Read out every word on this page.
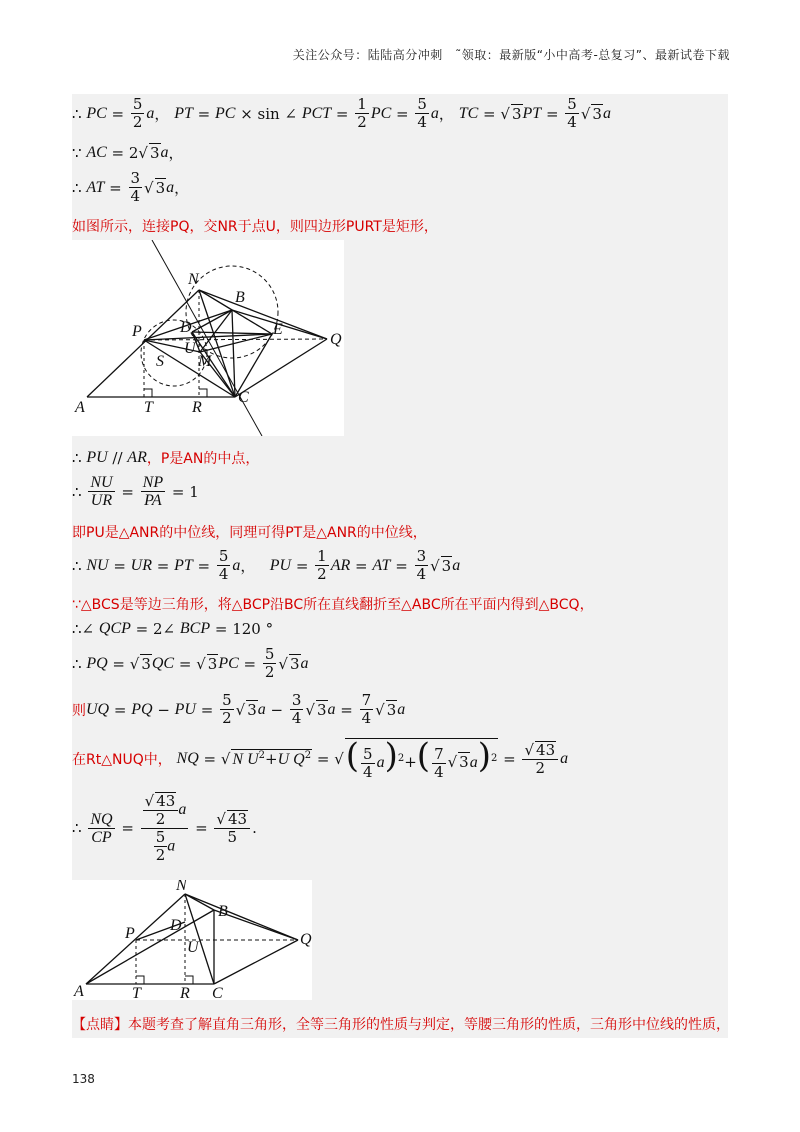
关注公众号：陆陆高分冲刺　˜领取：最新版“小中高考-总复习”、最新试卷下载
∴ PC = $\frac{5}{2}$ a ， PT = PC × sin ∠ PCT = $\frac{1}{2}$ PC = $\frac{5}{4}$ a ， TC = √ 3 PT = $\frac{5}{4}$ √ 3 a
∵ AC = 2√ 3 a ，
∴ AT = $\frac{3}{4}$ √ 3 a ，
如图所示，连接PQ，交NR于点U，则四边形PURT是矩形，
N
B
P D	E
Q
U
S M
A	T R
C
∴ PU // AR ，P是AN的中点，
∴ $\frac{NU}{UR} = \frac{NP}{PA} = 1$
即PU是△ANR的中位线，同理可得PT是△ANR的中位线，
∴ NU = UR = PT = $\frac{5}{4}$ a ， PU = $\frac{1}{2}$ AR = AT = $\frac{3}{4}$ √ 3 a
∵△BCS是等边三角形，将△BCP沿BC所在直线翻折至△ABC所在平面内得到△BCQ，
∴∠ QCP = 2∠ BCP = 120 °
∴ PQ = √ 3 QC = √ 3 PC = $\frac{5}{2}$ √ 3 a
则 UQ = PQ − PU = $\frac{5}{2}$ √ 3 $a - \frac{3}{4}$ √ 3 $a = \frac{7}{4}$ √ 3 a
在Rt△NUQ中，
NQ = √ N $U^2+U$ $Q^2$ = √ ( $\frac{5}{4} a)^2+( \frac{7}{4}$ √ $3a)^2 = \frac{√ 43}{2}$ a
∴ $\frac{NQ}{CP} = \frac{\frac{√ 43}{2} a}{\frac{5}{2} a} = \frac{√ 43}{5}$ .
N
B
D
P
U	Q
A	T R C
【点睛】 本题考查了解直角三角形，全等三角形的性质与判定，等腰三角形的性质，三角形中位线的性质，
138
